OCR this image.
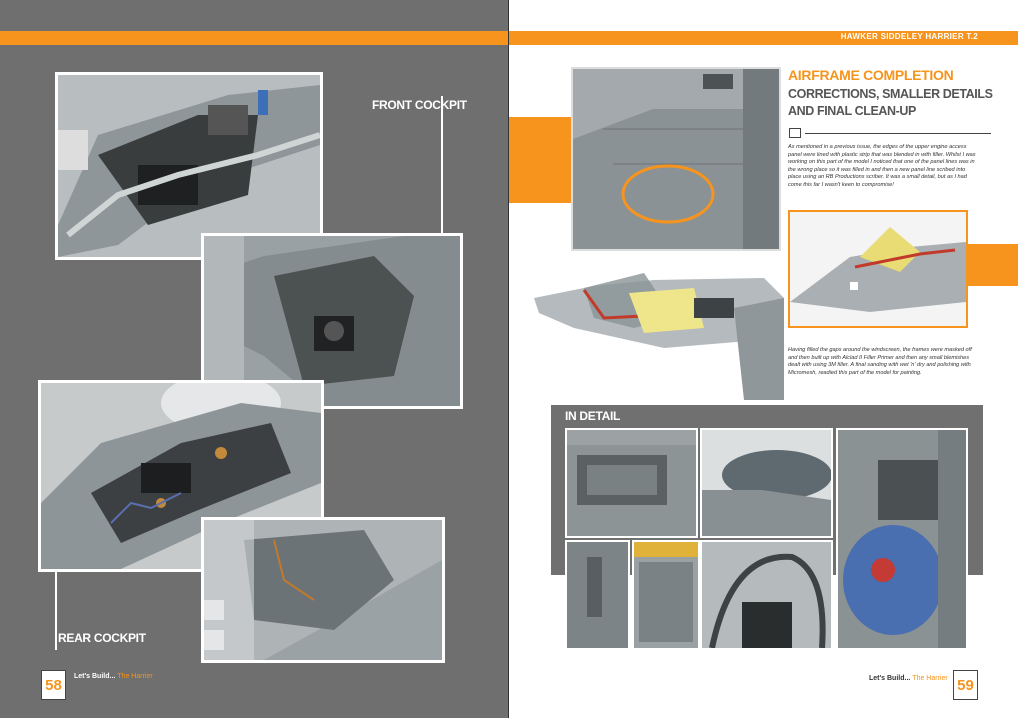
FRONT COCKPIT
REAR COCKPIT
58	Let's Build... The Harrier
HAWKER SIDDELEY HARRIER T.2
AIRFRAME COMPLETION
CORRECTIONS, SMALLER DETAILS
AND FINAL CLEAN-UP
As mentioned in a previous issue, the edges of the upper engine access panel were lined with plastic strip that was blended in with filler. Whilst I was working on this part of the model I noticed that one of the panel lines was in the wrong place so it was filled in and then a new panel line scribed into place using an RB Productions scriber. It was a small detail, but as I had come this far I wasn't keen to compromise!
Having filled the gaps around the windscreen, the frames were masked off and then built up with Alclad II Filler Primer and then any small blemishes dealt with using 3M filler. A final sanding with wet 'n' dry and polishing with Micromesh, readied this part of the model for painting.
IN DETAIL
Let's Build... The Harrier 59
